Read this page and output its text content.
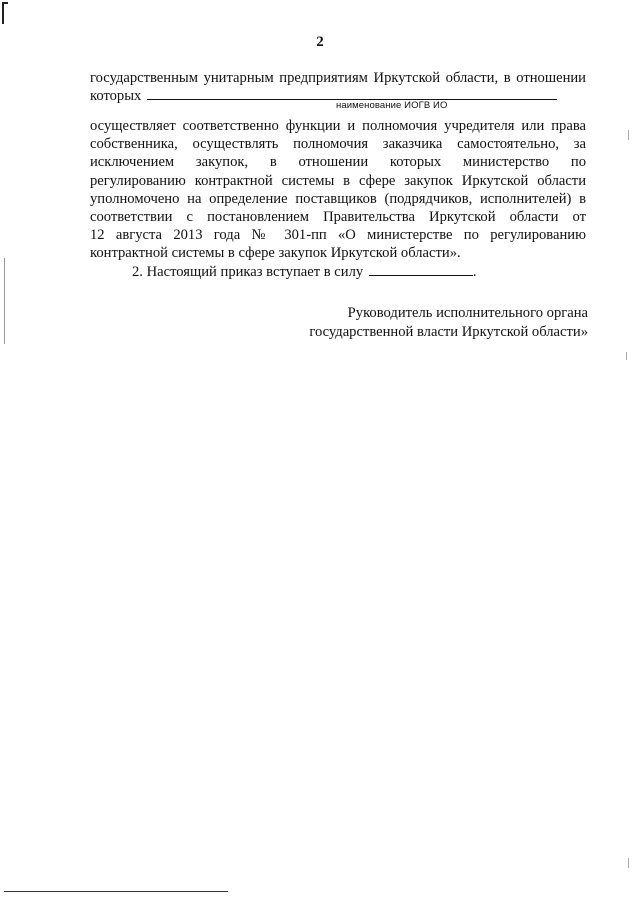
2
государственным унитарным предприятиям Иркутской области, в отношении
которых
наименование ИОГВ ИО
осуществляет соответственно функции и полномочия учредителя или права
собственника, осуществлять полномочия заказчика самостоятельно, за
исключением закупок, в отношении которых министерство по
регулированию контрактной системы в сфере закупок Иркутской области
уполномочено на определение поставщиков (подрядчиков, исполнителей) в
соответствии с постановлением Правительства Иркутской области от
12 августа 2013 года № 301-пп «О министерстве по регулированию
контрактной системы в сфере закупок Иркутской области».
2. Настоящий приказ вступает в силу	.
Руководитель исполнительного органа
государственной власти Иркутской области»
